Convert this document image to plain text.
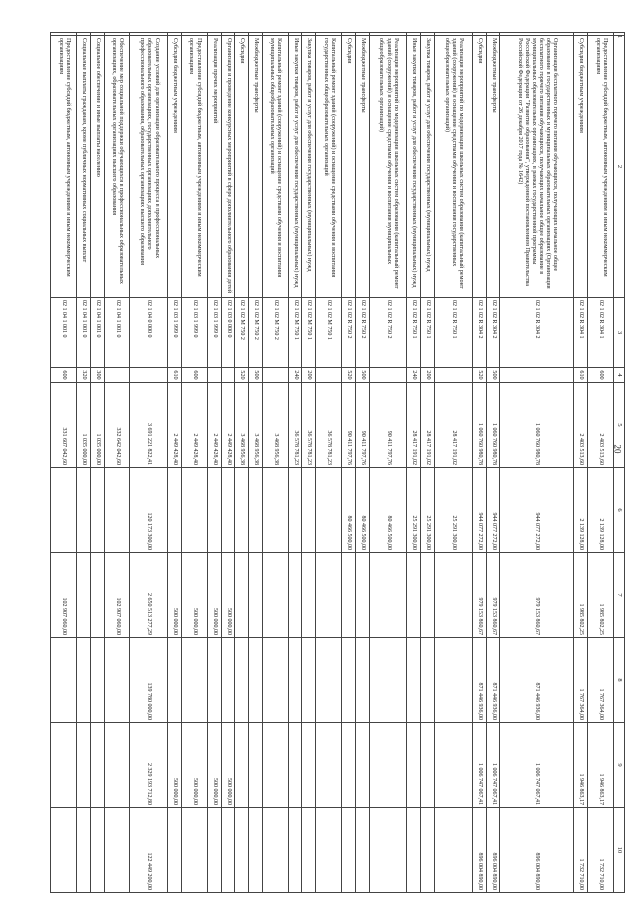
20
1	2	3	4	5	6	7	8	9	10
	Предоставление субсидий бюджетным, автономным учреждениям и иным некоммерческим организациям	02 1 02 R 304 1	600	2 403 513,60	2 139 128,00	1 985 802,25	1 767 364,00	1 946 863,17	1 732 710,00
	Субсидии бюджетным учреждениям	02 1 02 R 304 1	610	2 403 513,60	2 139 128,00	1 985 802,25	1 767 364,00	1 946 863,17	1 732 710,00
	Организация бесплатного горячего питания обучающихся, получающих начальное общее образование в государственных и муниципальных образовательных организациях (Организация бесплатного горячего питания обучающихся, получающих начальное общее образование в муниципальных образовательных организациях, в рамках государственной программы Российской Федерации "Развитие образования", утвержденной постановлением Правительства Российской Федерации от 26 декабря 2017 года № 1642)	02 1 02 R 304 2		1 060 760 980,78	944 077 272,00	979 153 860,67	871 446 936,00	1 006 747 067,41	896 004 890,00
	Межбюджетные трансферты	02 1 02 R 304 2	500	1 060 760 980,78	944 077 272,00	979 153 860,67	871 446 936,00	1 006 747 067,41	896 004 890,00
	Субсидии	02 1 02 R 304 2	520	1 060 760 980,78	944 077 272,00	979 153 860,67	871 446 936,00	1 006 747 067,41	896 004 890,00
	Реализация мероприятий по модернизации школьных систем образования (капитальный ремонт зданий (сооружений) и оснащение средствами обучения и воспитания государственных общеобразовательных организаций)	02 1 02 R 750 1		28 417 191,02	25 291 300,00				
	Закупка товаров, работ и услуг для обеспечения государственных (муниципальных) нужд	02 1 02 R 750 1	200	28 417 191,02	25 291 300,00				
	Иные закупки товаров, работ и услуг для обеспечения государственных (муниципальных) нужд	02 1 02 R 750 1	240	28 417 191,02	25 291 300,00				
	Реализация мероприятий по модернизации школьных систем образования (капитальный ремонт зданий (сооружений) и оснащение средствами обучения и воспитания муниципальных общеобразовательных организаций)	02 1 02 R 750 2		90 411 797,76	80 466 500,00				
	Межбюджетные трансферты	02 1 02 R 750 2	500	90 411 797,76	80 466 500,00				
	Субсидии	02 1 02 R 750 2	520	90 411 797,76	80 466 500,00				
	Капитальный ремонт зданий (сооружений) и оснащение средствами обучения и воспитания государственных общеобразовательных организаций	02 1 02 M 750 1		36 578 781,23					
	Закупка товаров, работ и услуг для обеспечения государственных (муниципальных) нужд	02 1 02 M 750 1	200	36 578 781,23					
	Иные закупки товаров, работ и услуг для обеспечения государственных (муниципальных) нужд	02 1 02 M 750 1	240	36 578 781,23					
	Капитальный ремонт зданий (сооружений) и оснащение средствами обучения и воспитания муниципальных общеобразовательных организаций	02 1 02 M 750 2		3 468 956,38					
	Межбюджетные трансферты	02 1 02 M 750 2	500	3 468 956,38					
	Субсидии	02 1 02 M 750 2	520	3 468 956,38					
	Организация и проведение конкурсных мероприятий в сфере дополнительного образования детей	02 1 03 0 000 0		2 449 428,40		500 000,00		500 000,00	
	Реализация прочих мероприятий	02 1 03 1 999 0		2 449 428,40		500 000,00		500 000,00	
	Предоставление субсидий бюджетным, автономным учреждениям и иным некоммерческим организациям	02 1 03 1 999 0	600	2 449 428,40		500 000,00		500 000,00	
	Субсидии бюджетным учреждениям	02 1 03 1 999 0	610	2 449 428,40		500 000,00		500 000,00	
	Создание условий для организации образовательного процесса в профессиональных образовательных организациях, государственных организациях дополнительного профессионального образования, образовательных организациях высшего образования	02 1 04 0 000 0		3 691 221 822,41	120 173 300,00	2 650 513 277,29	139 780 000,00	2 329 193 712,80	122 449 200,00
	Обеспечение мер социальной поддержки обучающихся в профессиональных образовательных организациях, образовательных организациях высшего образования	02 1 04 1 001 0		332 642 042,60		102 907 060,00			
	Социальное обеспечение и иные выплаты населению	02 1 04 1 001 0	300	1 035 000,00					
	Социальные выплаты гражданам, кроме публичных нормативных социальных выплат	02 1 04 1 001 0	320	1 035 000,00					
	Предоставление субсидий бюджетным, автономным учреждениям и иным некоммерческим организациям	02 1 04 1 001 0	600	331 607 042,60		102 907 060,00			
